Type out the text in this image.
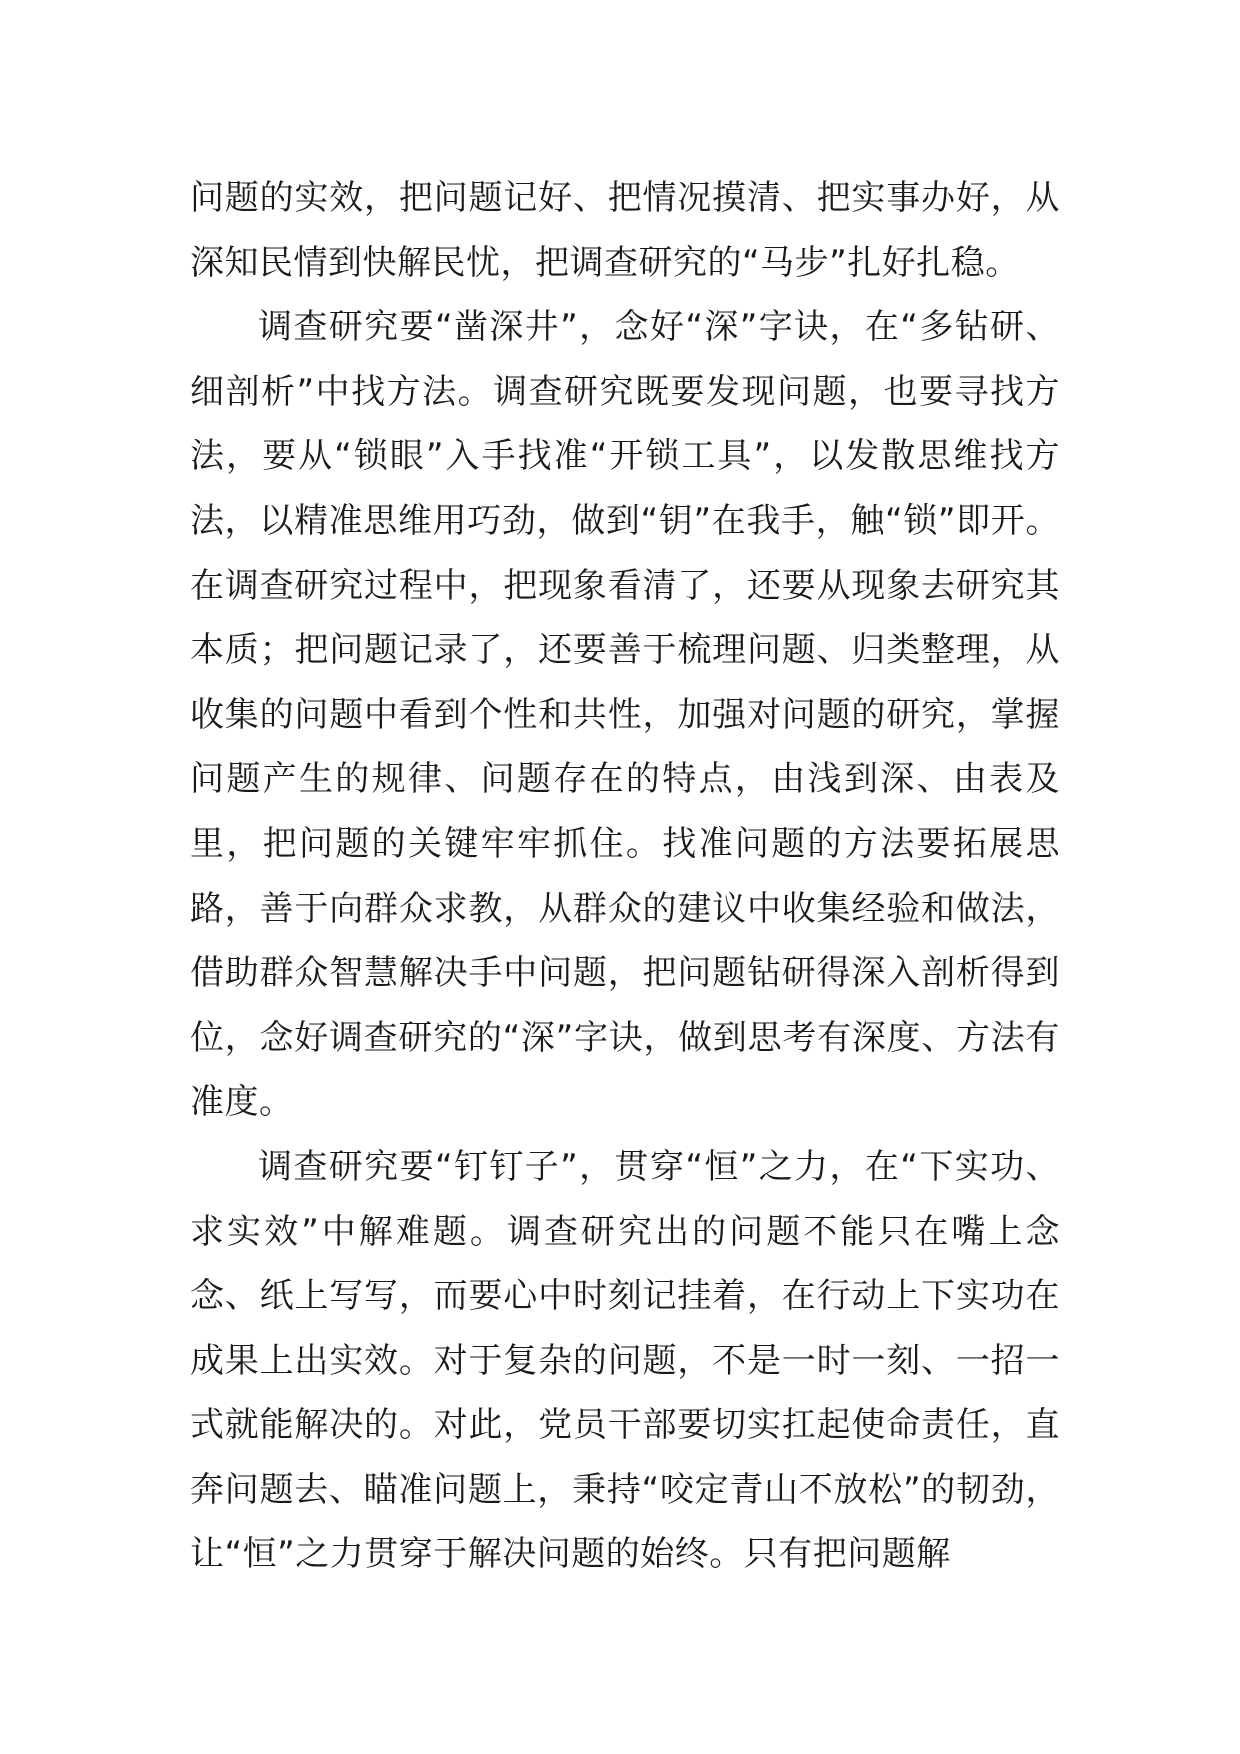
问题的实效，把问题记好、把情况摸清、把实事办好，从深知民情到快解民忧，把调查研究的“马步”扎好扎稳。

调查研究要“凿深井”，念好“深”字诀，在“多钻研、细剖析”中找方法。调查研究既要发现问题，也要寻找方法，要从“锁眼”入手找准“开锁工具”，以发散思维找方法，以精准思维用巧劲，做到“钥”在我手，触“锁”即开。在调查研究过程中，把现象看清了，还要从现象去研究其本质；把问题记录了，还要善于梳理问题、归类整理，从收集的问题中看到个性和共性，加强对问题的研究，掌握问题产生的规律、问题存在的特点，由浅到深、由表及里，把问题的关键牢牢抓住。找准问题的方法要拓展思路，善于向群众求教，从群众的建议中收集经验和做法，借助群众智慧解决手中问题，把问题钻研得深入剖析得到位，念好调查研究的“深”字诀，做到思考有深度、方法有准度。

调查研究要“钉钉子”，贯穿“恒”之力，在“下实功、求实效”中解难题。调查研究出的问题不能只在嘴上念念、纸上写写，而要心中时刻记挂着，在行动上下实功在成果上出实效。对于复杂的问题，不是一时一刻、一招一式就能解决的。对此，党员干部要切实扛起使命责任，直奔问题去、瞄准问题上，秉持“咬定青山不放松”的韧劲，让“恒”之力贯穿于解决问题的始终。只有把问题解
